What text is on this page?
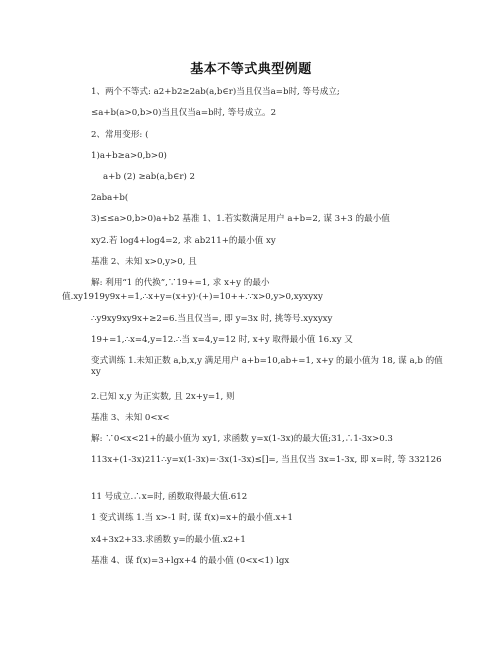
基本不等式典型例题
1、两个不等式: a2+b2≥2ab(a,b∈r)当且仅当a=b时, 等号成立;
≤a+b(a>0,b>0)当且仅当a=b时, 等号成立。2
2、常用变形: (
1)a+b≥a>0,b>0)
a+b (2) ≥ab(a,b∈r) 2
2aba+b(
3)≤≤a>0,b>0)a+b2 基准 1、1.若实数满足用户 a+b=2, 谋 3+3 的最小值
xy2.若 log4+log4=2, 求 ab211+的最小值 xy
基准 2、未知 x>0,y>0, 且
解: 利用“1 的代换”,∵19+=1, 求 x+y 的最小
值.xy1919y9x+=1,∴x+y=(x+y)·(+)=10++.∵x>0,y>0,xyxyxy
∴y9xy9xy9x+≥2=6.当且仅当=, 即 y=3x 时, 挑等号.xyxyxy
19+=1,∴x=4,y=12.∴当 x=4,y=12 时, x+y 取得最小值 16.xy 又
变式训练 1.未知正数 a,b,x,y 满足用户 a+b=10,ab+=1, x+y 的最小值为 18, 谋 a,b 的值 xy
2.已知 x,y 为正实数, 且 2x+y=1, 则
基准 3、未知 0<x<
解: ∵0<x<21+的最小值为 xy1, 求函数 y=x(1-3x)的最大值;31,∴1-3x>0.3
113x+(1-3x)211∴y=x(1-3x)=·3x(1-3x)≤[]=, 当且仅当 3x=1-3x, 即 x=时, 等 332126
11 号成立.∴x=时, 函数取得最大值.612
1 变式训练 1.当 x>-1 时, 谋 f(x)=x+的最小值.x+1
x4+3x2+33.求函数 y=的最小值.x2+1
基准 4、谋 f(x)=3+lgx+4 的最小值 (0<x<1) lgx
